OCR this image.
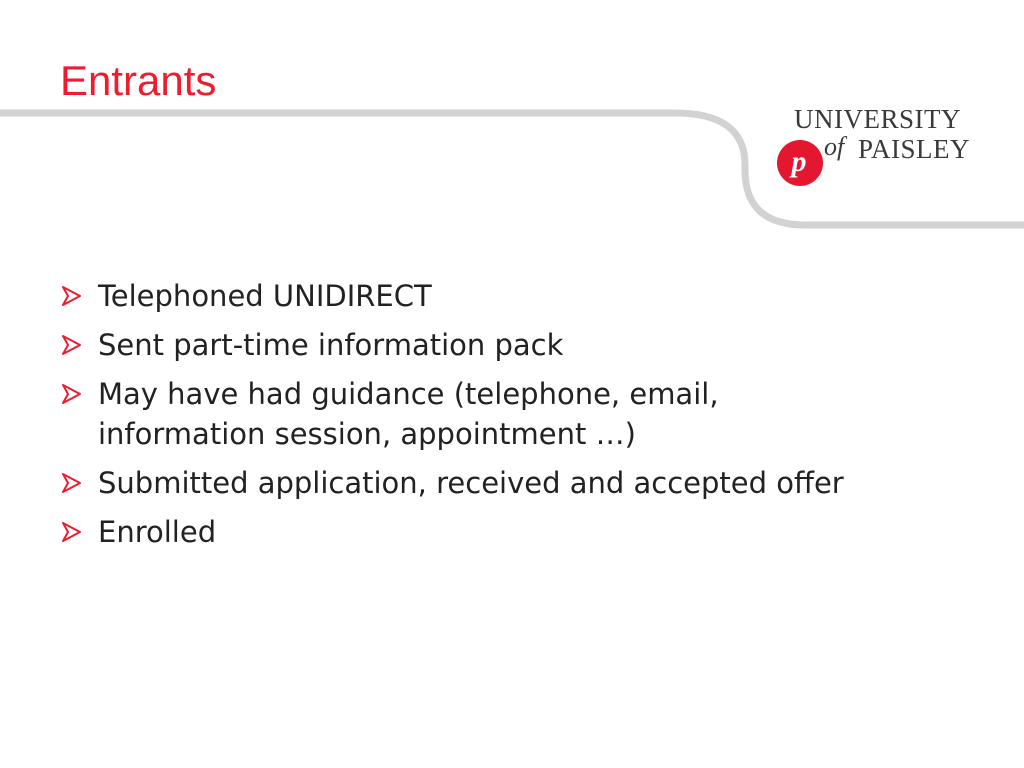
Entrants
UNIVERSITY
p of PAISLEY
Telephoned UNIDIRECT
Sent part-time information pack
May have had guidance (telephone, email, information session, appointment …)
Submitted application, received and accepted offer
Enrolled
